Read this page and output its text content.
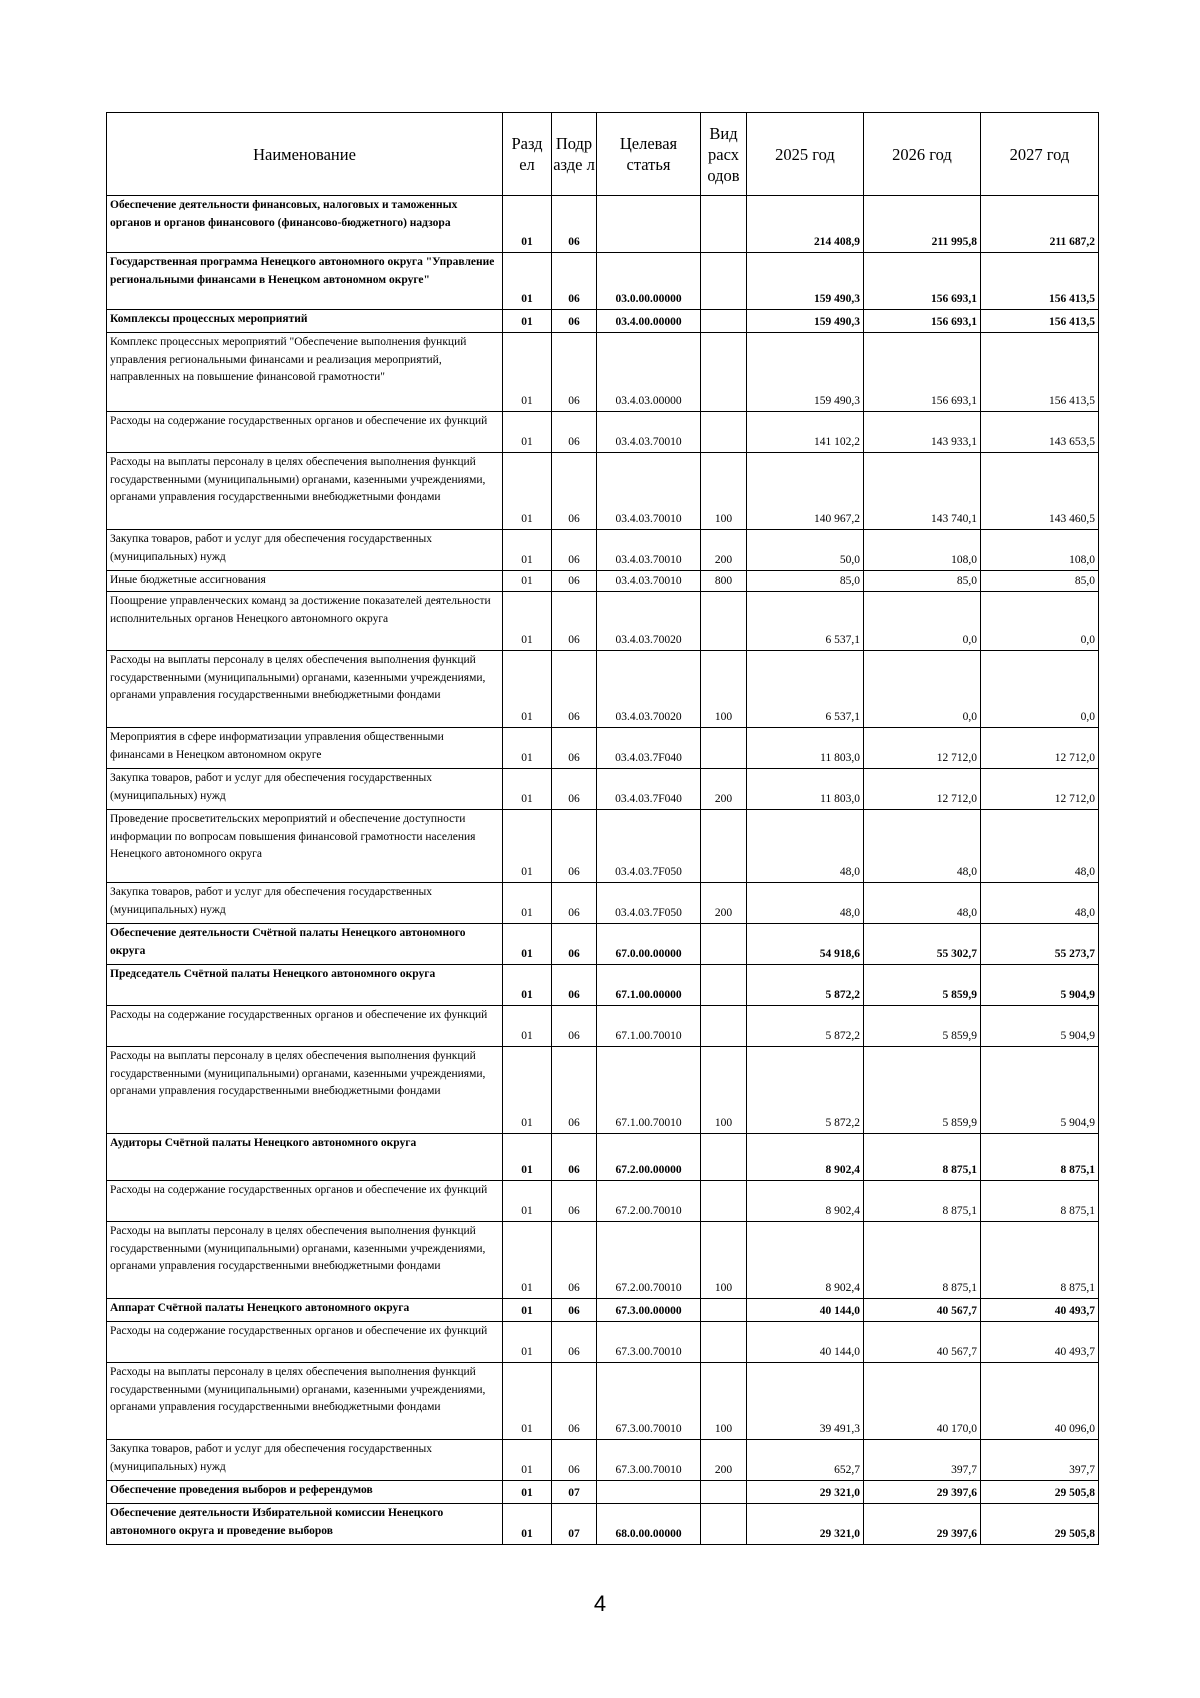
Наименование	Разд ел	Подр азде л	Целевая статья	Вид расх одов	2025 год	2026 год	2027 год
Обеспечение деятельности финансовых, налоговых и таможенных органов и органов финансового (финансово-бюджетного) надзора	01	06			214 408,9	211 995,8	211 687,2
Государственная программа Ненецкого автономного округа "Управление региональными финансами в Ненецком автономном округе"	01	06	03.0.00.00000		159 490,3	156 693,1	156 413,5
Комплексы процессных мероприятий	01	06	03.4.00.00000		159 490,3	156 693,1	156 413,5
Комплекс процессных мероприятий "Обеспечение выполнения функций управления региональными финансами и реализация мероприятий, направленных на повышение финансовой грамотности"	01	06	03.4.03.00000		159 490,3	156 693,1	156 413,5
Расходы на содержание государственных органов и обеспечение их функций	01	06	03.4.03.70010		141 102,2	143 933,1	143 653,5
Расходы на выплаты персоналу в целях обеспечения выполнения функций государственными (муниципальными) органами, казенными учреждениями, органами управления государственными внебюджетными фондами	01	06	03.4.03.70010	100	140 967,2	143 740,1	143 460,5
Закупка товаров, работ и услуг для обеспечения государственных (муниципальных) нужд	01	06	03.4.03.70010	200	50,0	108,0	108,0
Иные бюджетные ассигнования	01	06	03.4.03.70010	800	85,0	85,0	85,0
Поощрение управленческих команд за достижение показателей деятельности исполнительных органов Ненецкого автономного округа	01	06	03.4.03.70020		6 537,1	0,0	0,0
Расходы на выплаты персоналу в целях обеспечения выполнения функций государственными (муниципальными) органами, казенными учреждениями, органами управления государственными внебюджетными фондами	01	06	03.4.03.70020	100	6 537,1	0,0	0,0
Мероприятия в сфере информатизации управления общественными финансами в Ненецком автономном округе	01	06	03.4.03.7F040		11 803,0	12 712,0	12 712,0
Закупка товаров, работ и услуг для обеспечения государственных (муниципальных) нужд	01	06	03.4.03.7F040	200	11 803,0	12 712,0	12 712,0
Проведение просветительских мероприятий и обеспечение доступности информации по вопросам повышения финансовой грамотности населения Ненецкого автономного округа	01	06	03.4.03.7F050		48,0	48,0	48,0
Закупка товаров, работ и услуг для обеспечения государственных (муниципальных) нужд	01	06	03.4.03.7F050	200	48,0	48,0	48,0
Обеспечение деятельности Счётной палаты Ненецкого автономного округа	01	06	67.0.00.00000		54 918,6	55 302,7	55 273,7
Председатель Счётной палаты Ненецкого автономного округа	01	06	67.1.00.00000		5 872,2	5 859,9	5 904,9
Расходы на содержание государственных органов и обеспечение их функций	01	06	67.1.00.70010		5 872,2	5 859,9	5 904,9
Расходы на выплаты персоналу в целях обеспечения выполнения функций государственными (муниципальными) органами, казенными учреждениями, органами управления государственными внебюджетными фондами	01	06	67.1.00.70010	100	5 872,2	5 859,9	5 904,9
Аудиторы Счётной палаты Ненецкого автономного округа	01	06	67.2.00.00000		8 902,4	8 875,1	8 875,1
Расходы на содержание государственных органов и обеспечение их функций	01	06	67.2.00.70010		8 902,4	8 875,1	8 875,1
Расходы на выплаты персоналу в целях обеспечения выполнения функций государственными (муниципальными) органами, казенными учреждениями, органами управления государственными внебюджетными фондами	01	06	67.2.00.70010	100	8 902,4	8 875,1	8 875,1
Аппарат Счётной палаты Ненецкого автономного округа	01	06	67.3.00.00000		40 144,0	40 567,7	40 493,7
Расходы на содержание государственных органов и обеспечение их функций	01	06	67.3.00.70010		40 144,0	40 567,7	40 493,7
Расходы на выплаты персоналу в целях обеспечения выполнения функций государственными (муниципальными) органами, казенными учреждениями, органами управления государственными внебюджетными фондами	01	06	67.3.00.70010	100	39 491,3	40 170,0	40 096,0
Закупка товаров, работ и услуг для обеспечения государственных (муниципальных) нужд	01	06	67.3.00.70010	200	652,7	397,7	397,7
Обеспечение проведения выборов и референдумов	01	07			29 321,0	29 397,6	29 505,8
Обеспечение деятельности Избирательной комиссии Ненецкого автономного округа и проведение выборов	01	07	68.0.00.00000		29 321,0	29 397,6	29 505,8
4
